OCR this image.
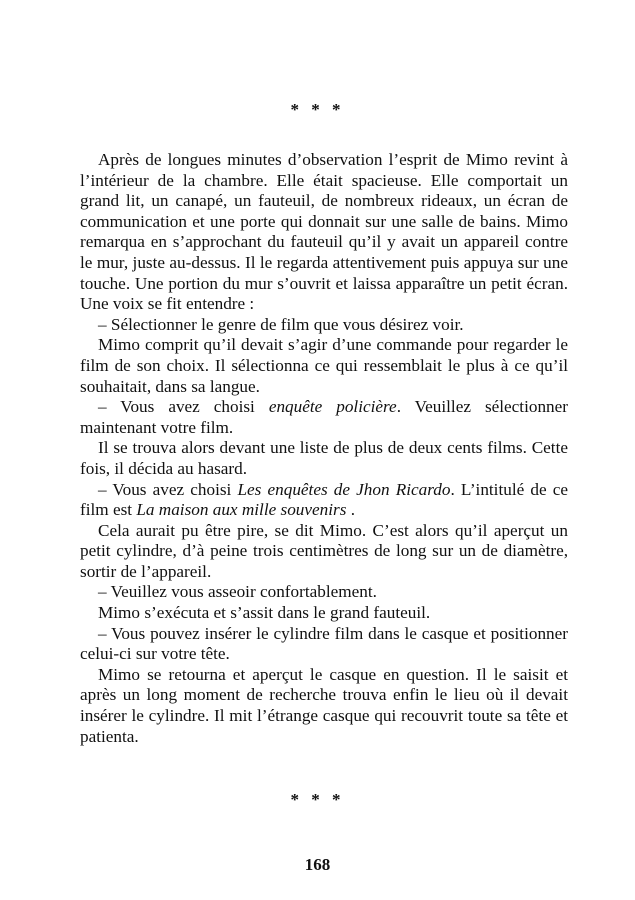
* * *

Après de longues minutes d’observation l’esprit de Mimo revint à l’intérieur de la chambre. Elle était spacieuse. Elle comportait un grand lit, un canapé, un fauteuil, de nombreux rideaux, un écran de communication et une porte qui donnait sur une salle de bains. Mimo remarqua en s’approchant du fauteuil qu’il y avait un appareil contre le mur, juste au-dessus. Il le regarda attentivement puis appuya sur une touche. Une portion du mur s’ouvrit et laissa apparaître un petit écran. Une voix se fit entendre :

– Sélectionner le genre de film que vous désirez voir.

Mimo comprit qu’il devait s’agir d’une commande pour regarder le film de son choix. Il sélectionna ce qui ressemblait le plus à ce qu’il souhaitait, dans sa langue.

– Vous avez choisi enquête policière. Veuillez sélectionner maintenant votre film.

Il se trouva alors devant une liste de plus de deux cents films. Cette fois, il décida au hasard.

– Vous avez choisi Les enquêtes de Jhon Ricardo. L’intitulé de ce film est La maison aux mille souvenirs .

Cela aurait pu être pire, se dit Mimo. C’est alors qu’il aperçut un petit cylindre, d’à peine trois centimètres de long sur un de diamètre, sortir de l’appareil.

– Veuillez vous asseoir confortablement.

Mimo s’exécuta et s’assit dans le grand fauteuil.

– Vous pouvez insérer le cylindre film dans le casque et positionner celui-ci sur votre tête.

Mimo se retourna et aperçut le casque en question. Il le saisit et après un long moment de recherche trouva enfin le lieu où il devait insérer le cylindre. Il mit l’étrange casque qui recouvrit toute sa tête et patienta.

* * *
168
